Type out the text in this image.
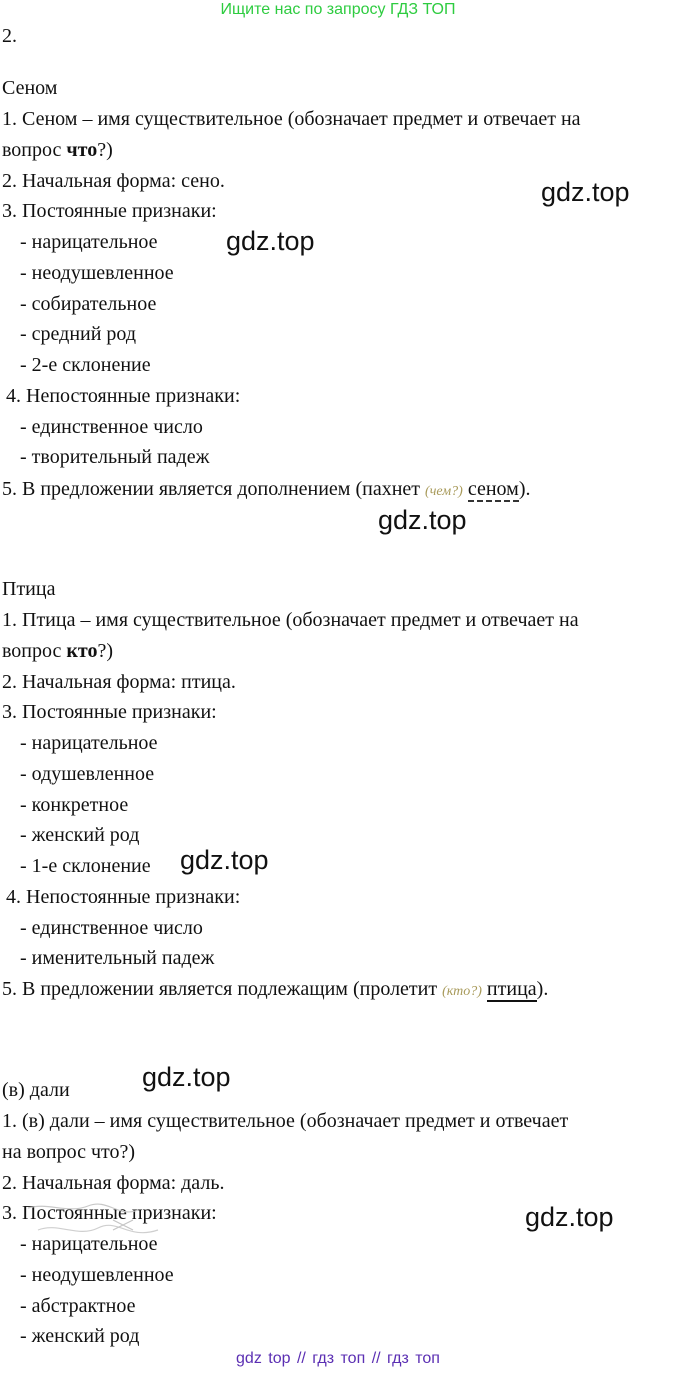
Ищите нас по запросу ГДЗ ТОП
2.
Сеном
1. Сеном – имя существительное (обозначает предмет и отвечает на
вопрос что?)
2. Начальная форма: сено.
3. Постоянные признаки:
- нарицательное
- неодушевленное
- собирательное
- средний род
- 2-е склонение
4. Непостоянные признаки:
- единственное число
- творительный падеж
5. В предложении является дополнением (пахнет (чем?) сеном).
Птица
1. Птица – имя существительное (обозначает предмет и отвечает на
вопрос кто?)
2. Начальная форма: птица.
3. Постоянные признаки:
- нарицательное
- одушевленное
- конкретное
- женский род
- 1-е склонение
4. Непостоянные признаки:
- единственное число
- именительный падеж
5. В предложении является подлежащим (пролетит (кто?) птица).
(в) дали
1. (в) дали – имя существительное (обозначает предмет и отвечает
на вопрос что?)
2. Начальная форма: даль.
3. Постоянные признаки:
- нарицательное
- неодушевленное
- абстрактное
- женский род
gdz.top
gdz.top
gdz.top
gdz.top
gdz.top
gdz.top
gdz top // гдз топ // гдз топ
